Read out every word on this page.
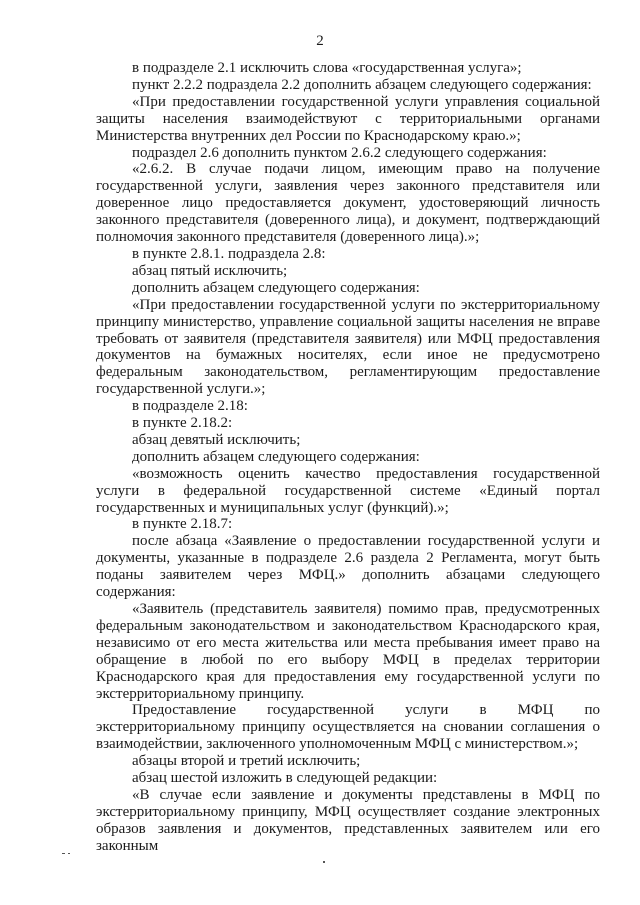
2

в подразделе 2.1 исключить слова «государственная услуга»;

пункт 2.2.2 подраздела 2.2 дополнить абзацем следующего содержания:

«При предоставлении государственной услуги управления социальной защиты населения взаимодействуют с территориальными органами Министерства внутренних дел России по Краснодарскому краю.»;

подраздел 2.6 дополнить пунктом 2.6.2 следующего содержания:

«2.6.2. В случае подачи лицом, имеющим право на получение государственной услуги, заявления через законного представителя или доверенное лицо предоставляется документ, удостоверяющий личность законного представителя (доверенного лица), и документ, подтверждающий полномочия законного представителя (доверенного лица).»;

в пункте 2.8.1. подраздела 2.8:

абзац пятый исключить;

дополнить абзацем следующего содержания:

«При предоставлении государственной услуги по экстерриториальному принципу министерство, управление социальной защиты населения не вправе требовать от заявителя (представителя заявителя) или МФЦ предоставления документов на бумажных носителях, если иное не предусмотрено федеральным законодательством, регламентирующим предоставление государственной услуги.»;

в подразделе 2.18:

в пункте 2.18.2:

абзац девятый исключить;

дополнить абзацем следующего содержания:

«возможность оценить качество предоставления государственной услуги в федеральной государственной системе «Единый портал государственных и муниципальных услуг (функций).»;

в пункте 2.18.7:

после абзаца «Заявление о предоставлении государственной услуги и документы, указанные в подразделе 2.6 раздела 2 Регламента, могут быть поданы заявителем через МФЦ.» дополнить абзацами следующего содержания:

«Заявитель (представитель заявителя) помимо прав, предусмотренных федеральным законодательством и законодательством Краснодарского края, независимо от его места жительства или места пребывания имеет право на обращение в любой по его выбору МФЦ в пределах территории Краснодарского края для предоставления ему государственной услуги по экстерриториальному принципу.

Предоставление государственной услуги в МФЦ по экстерриториальному принципу осуществляется на сновании соглашения о взаимодействии, заключенного уполномоченным МФЦ с министерством.»;

абзацы второй и третий исключить;

абзац шестой изложить в следующей редакции:

«В случае если заявление и документы представлены в МФЦ по экстерриториальному принципу, МФЦ осуществляет создание электронных образов заявления и документов, представленных заявителем или его законным
